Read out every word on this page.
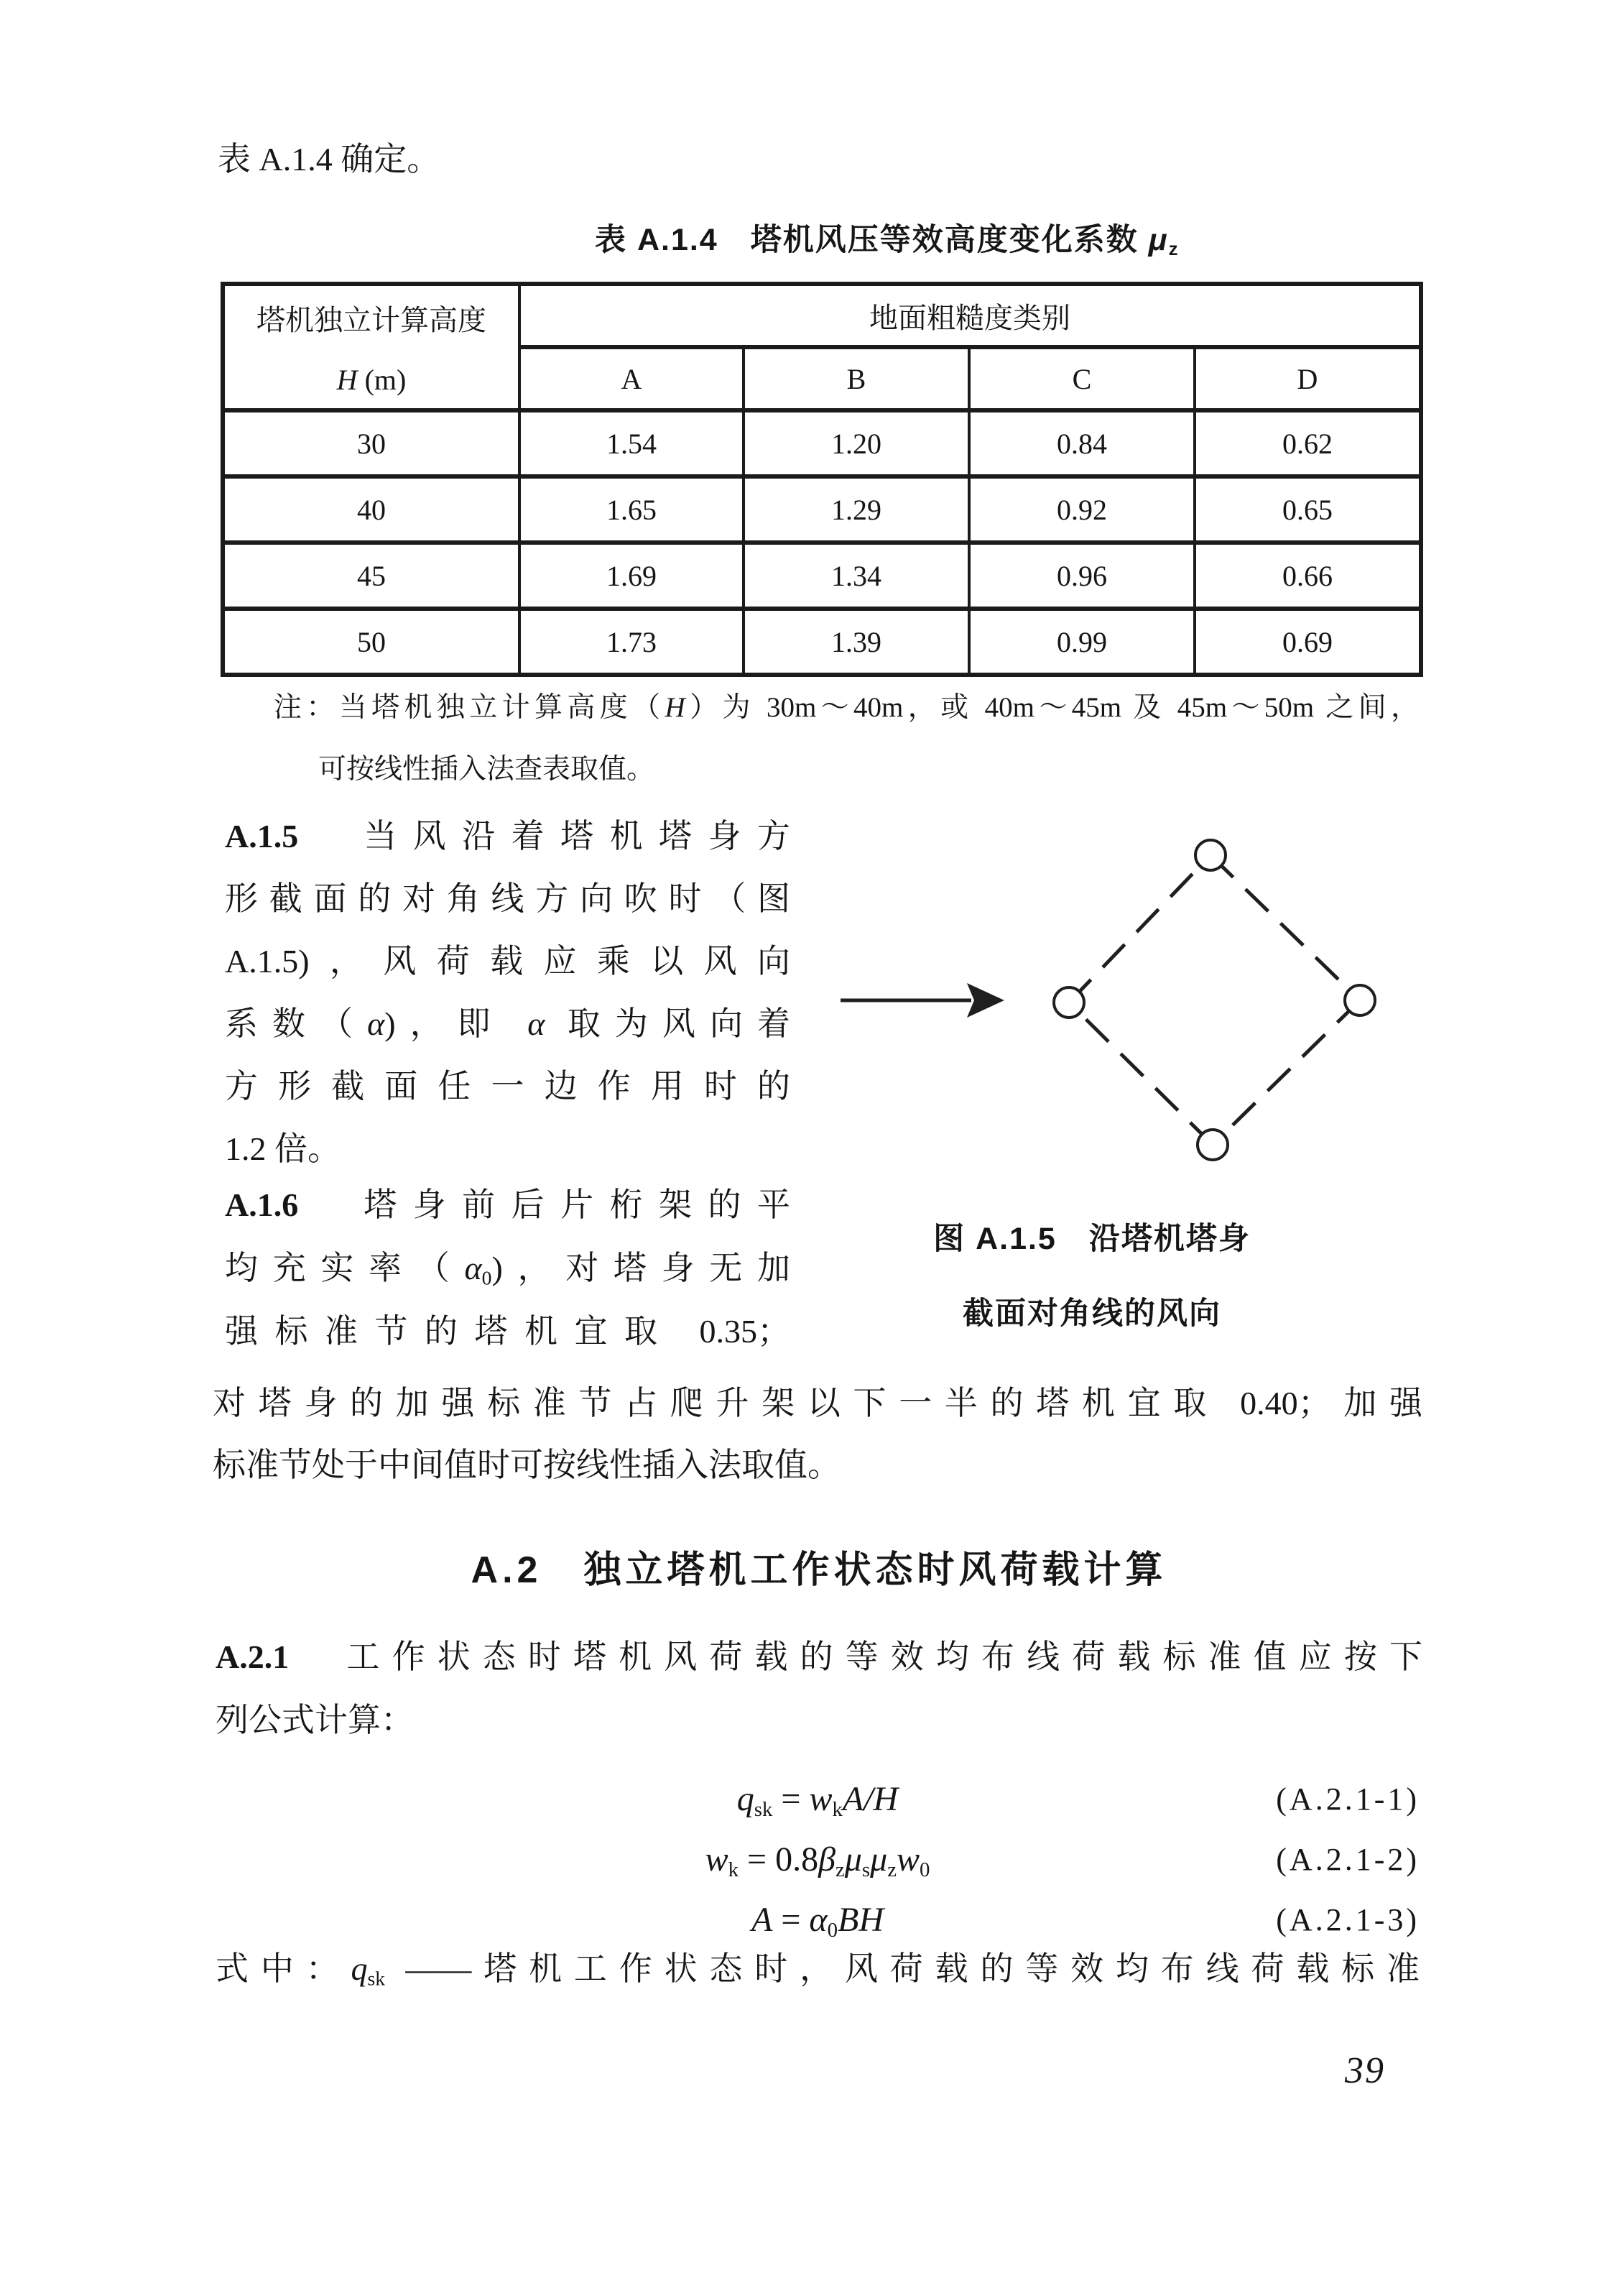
表 A.1.4 确定。
表 A.1.4　塔机风压等效高度变化系数 $\mu_z$
塔机独立计算高度
H (m)	地面粗糙度类别			
	A	B	C	D
30	1.54	1.20	0.84	0.62
40	1.65	1.29	0.92	0.65
45	1.69	1.34	0.96	0.66
50	1.73	1.39	0.99	0.69
注：当塔机独立计算高度（H）为 30m～40m，或 40m～45m 及 45m～50m 之间，
可按线性插入法查表取值。
A.1.5　 当风沿着塔机塔身方
形截面的对角线方向吹时（图
A.1.5)，风荷载应乘以风向
系数（α)，即 α 取为风向着
方形截面任一边作用时的
1.2 倍。
图 A.1.5　沿塔机塔身
截面对角线的风向
A.1.6　 塔身前后片桁架的平
均充实率$(\alpha_0)$，对塔身无加
强标准节的塔机宜取 0.35；
对塔身的加强标准节占爬升架以下一半的塔机宜取 0.40；加强
标准节处于中间值时可按线性插入法取值。
A.2　独立塔机工作状态时风荷载计算
A.2.1　工作状态时塔机风荷载的等效均布线荷载标准值应按下
列公式计算：
$q_{sk} = w_kA/H$	(A.2.1-1)
$w_k = 0.8\beta_z\mu_s\mu_zw_0$	(A.2.1-2)
$A = \alpha_0BH$	(A.2.1-3)
式中：$q_{sk}$ ——塔机工作状态时，风荷载的等效均布线荷载标准
39
